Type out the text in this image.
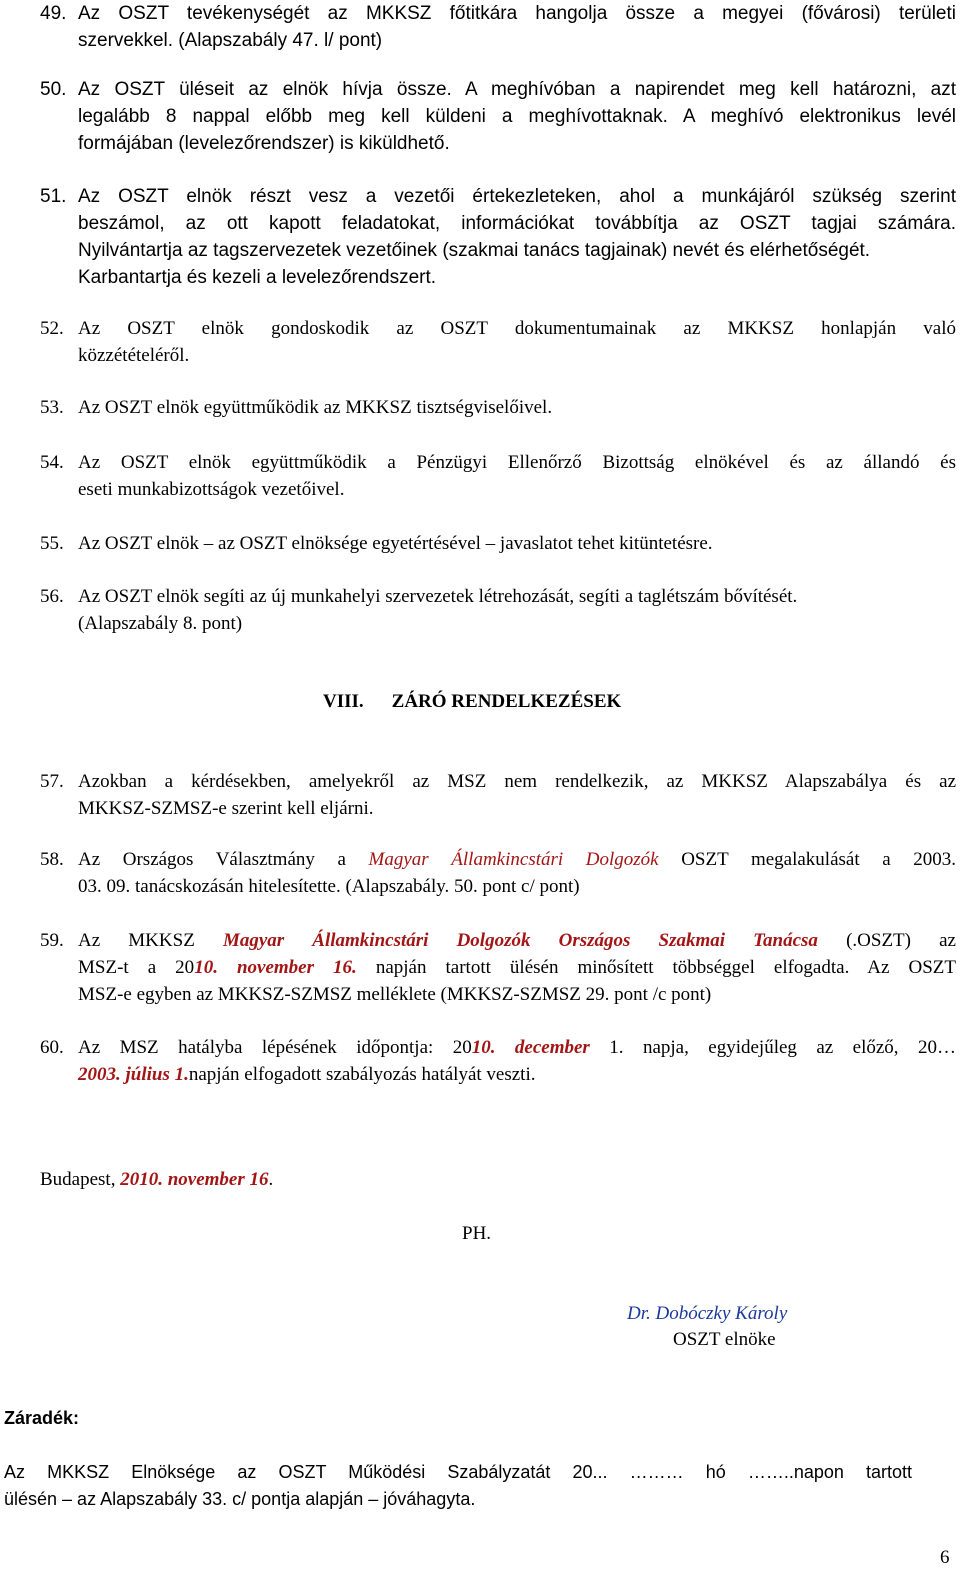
49. Az OSZT tevékenységét az MKKSZ főtitkára hangolja össze a megyei (fővárosi) területi

szervekkel. (Alapszabály 47. l/ pont)

50. Az OSZT üléseit az elnök hívja össze. A meghívóban a napirendet meg kell határozni, azt

legalább 8 nappal előbb meg kell küldeni a meghívottaknak. A meghívó elektronikus levél

formájában (levelezőrendszer) is kiküldhető.

51. Az OSZT elnök részt vesz a vezetői értekezleteken, ahol a munkájáról szükség szerint

beszámol, az ott kapott feladatokat, információkat továbbítja az OSZT tagjai számára.

Nyilvántartja az tagszervezetek vezetőinek (szakmai tanács tagjainak) nevét és elérhetőségét.

Karbantartja és kezeli a levelezőrendszert.

52. Az OSZT elnök gondoskodik az OSZT dokumentumainak az MKKSZ honlapján való

közzétételéről.

53. Az OSZT elnök együttműködik az MKKSZ tisztségviselőivel.

54. Az OSZT elnök együttműködik a Pénzügyi Ellenőrző Bizottság elnökével és az állandó és

eseti munkabizottságok vezetőivel.

55. Az OSZT elnök – az OSZT elnöksége egyetértésével – javaslatot tehet kitüntetésre.

56. Az OSZT elnök segíti az új munkahelyi szervezetek létrehozását, segíti a taglétszám bővítését.

(Alapszabály 8. pont)

VIII. ZÁRÓ RENDELKEZÉSEK

57. Azokban a kérdésekben, amelyekről az MSZ nem rendelkezik, az MKKSZ Alapszabálya és az

MKKSZ-SZMSZ-e szerint kell eljárni.

58. Az Országos Választmány a Magyar Államkincstári Dolgozók OSZT megalakulását a 2003.

03. 09. tanácskozásán hitelesítette. (Alapszabály. 50. pont c/ pont)

59. Az MKKSZ Magyar Államkincstári Dolgozók Országos Szakmai Tanácsa (.OSZT) az

MSZ-t a 2010. november 16. napján tartott ülésén minősített többséggel elfogadta. Az OSZT

MSZ-e egyben az MKKSZ-SZMSZ melléklete (MKKSZ-SZMSZ 29. pont /c pont)

60. Az MSZ hatályba lépésének időpontja: 2010. december 1. napja, egyidejűleg az előző, 20…

2003. július 1.napján elfogadott szabályozás hatályát veszti.

Budapest, 2010. november 16.
PH.
Dr. Dobóczky Károly
OSZT elnöke
Záradék:
Az MKKSZ Elnöksége az OSZT Működési Szabályzatát 20... ……… hó ……..napon tartott
ülésén – az Alapszabály 33. c/ pontja alapján – jóváhagyta.
6
